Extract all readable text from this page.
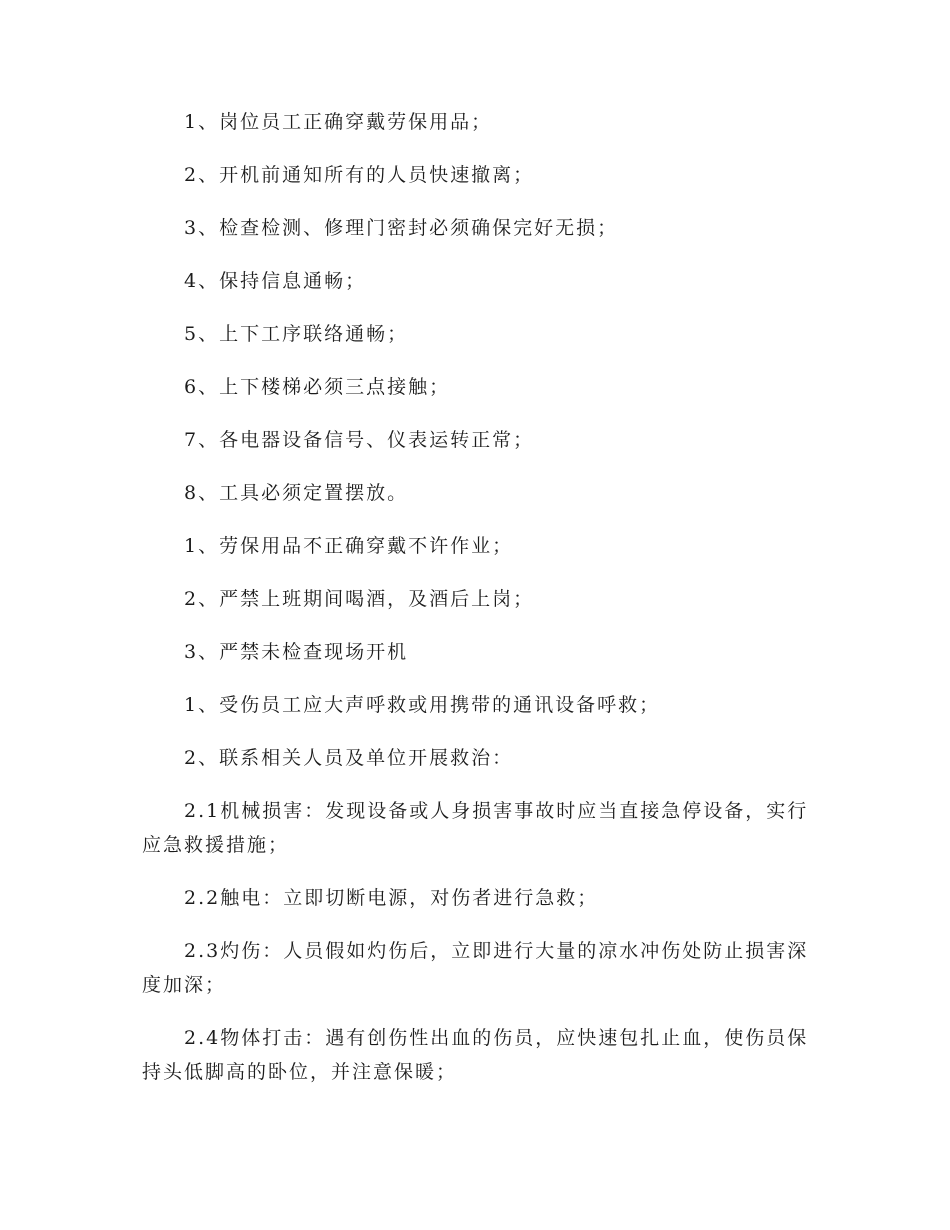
1、岗位员工正确穿戴劳保用品；

2、开机前通知所有的人员快速撤离；

3、检查检测、修理门密封必须确保完好无损；

4、保持信息通畅；

5、上下工序联络通畅；

6、上下楼梯必须三点接触；

7、各电器设备信号、仪表运转正常；

8、工具必须定置摆放。

1、劳保用品不正确穿戴不许作业；

2、严禁上班期间喝酒，及酒后上岗；

3、严禁未检查现场开机

1、受伤员工应大声呼救或用携带的通讯设备呼救；

2、联系相关人员及单位开展救治：

2.1机械损害：发现设备或人身损害事故时应当直接急停设备，实行应急救援措施；

2.2触电：立即切断电源，对伤者进行急救；

2.3灼伤：人员假如灼伤后，立即进行大量的凉水冲伤处防止损害深度加深；

2.4物体打击：遇有创伤性出血的伤员，应快速包扎止血，使伤员保持头低脚高的卧位，并注意保暖；
